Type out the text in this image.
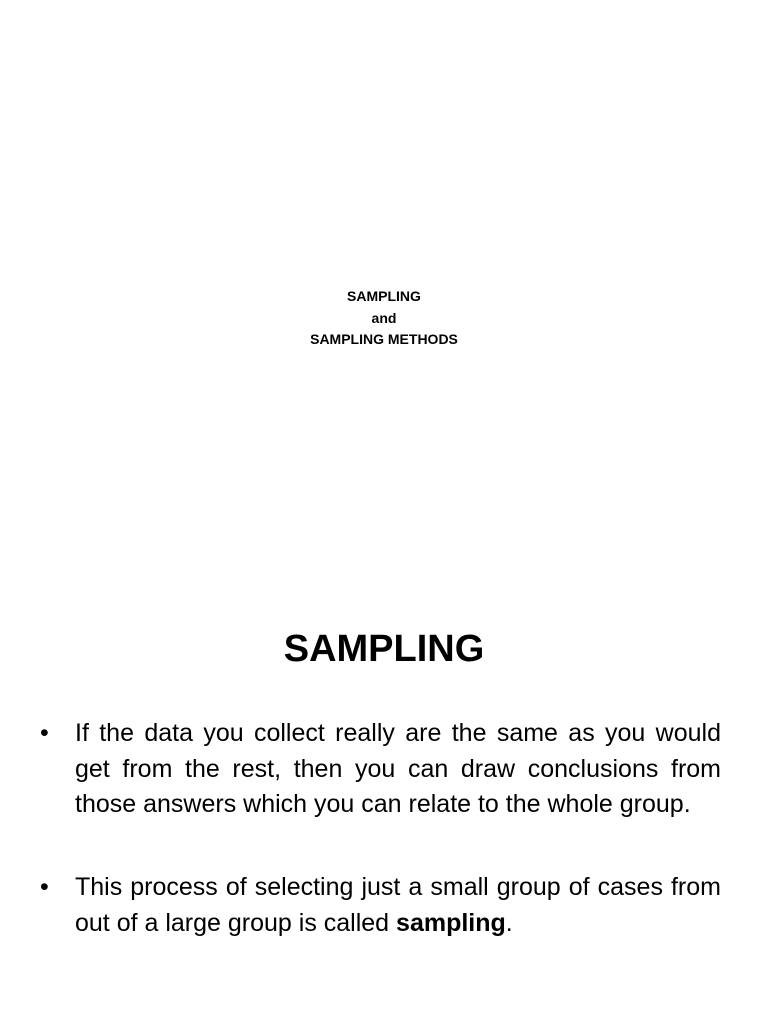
SAMPLING
and
SAMPLING METHODS
SAMPLING
•	If the data you collect really are the same as you would get from the rest, then you can draw conclusions from those answers which you can relate to the whole group.
•	This process of selecting just a small group of cases from out of a large group is called sampling.
